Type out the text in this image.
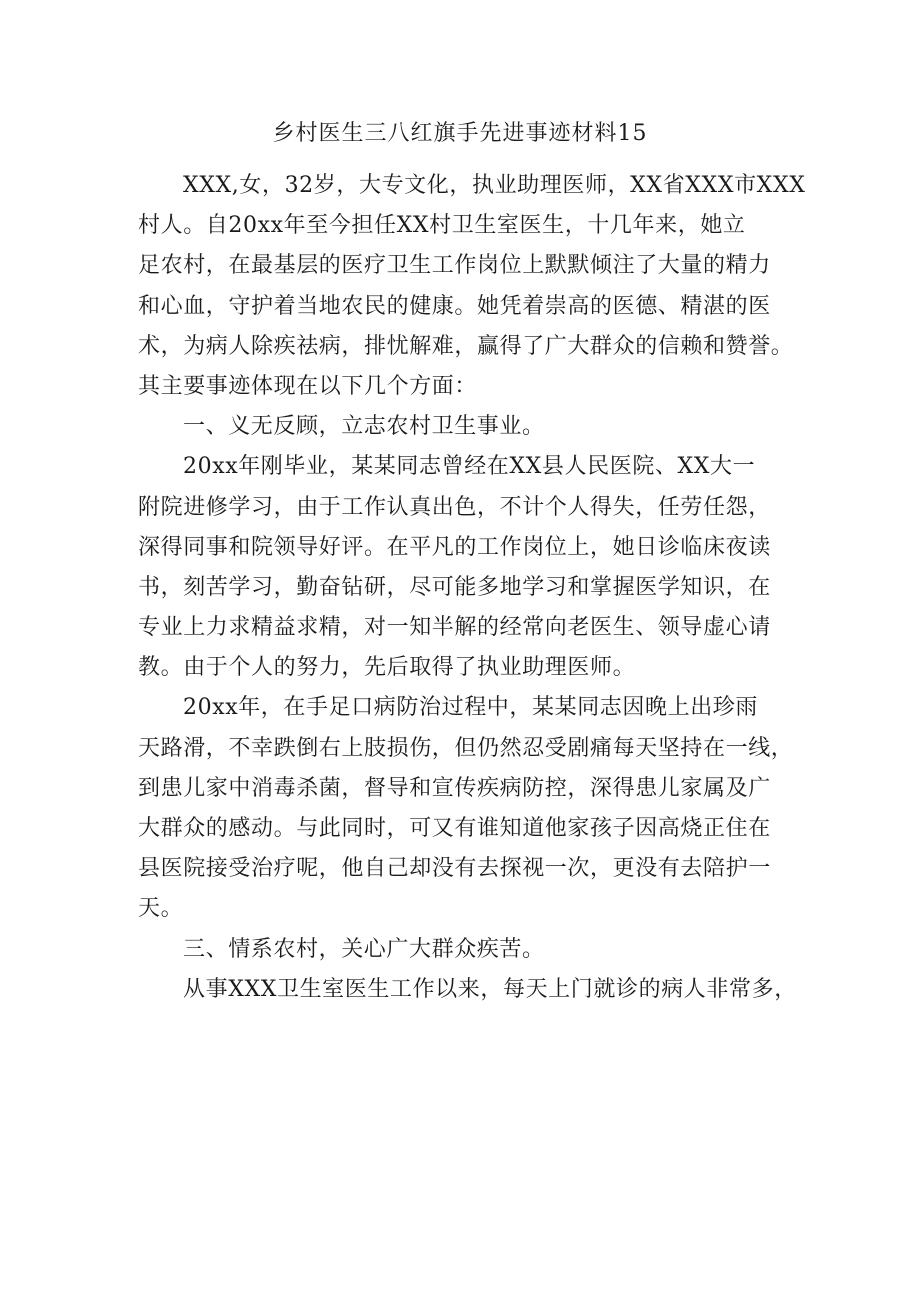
乡村医生三八红旗手先进事迹材料15
XXX,女，32岁，大专文化，执业助理医师，XX省XXX市XXX
村人。自20xx年至今担任XX村卫生室医生，十几年来，她立
足农村，在最基层的医疗卫生工作岗位上默默倾注了大量的精力
和心血，守护着当地农民的健康。她凭着崇高的医德、精湛的医
术，为病人除疾祛病，排忧解难，赢得了广大群众的信赖和赞誉。
其主要事迹体现在以下几个方面：
一、义无反顾，立志农村卫生事业。
20xx年刚毕业，某某同志曾经在XX县人民医院、XX大一
附院进修学习，由于工作认真出色，不计个人得失，任劳任怨，
深得同事和院领导好评。在平凡的工作岗位上，她日诊临床夜读
书，刻苦学习，勤奋钻研，尽可能多地学习和掌握医学知识，在
专业上力求精益求精，对一知半解的经常向老医生、领导虚心请
教。由于个人的努力，先后取得了执业助理医师。
20xx年，在手足口病防治过程中，某某同志因晚上出珍雨
天路滑，不幸跌倒右上肢损伤，但仍然忍受剧痛每天坚持在一线，
到患儿家中消毒杀菌，督导和宣传疾病防控，深得患儿家属及广
大群众的感动。与此同时，可又有谁知道他家孩子因高烧正住在
县医院接受治疗呢，他自己却没有去探视一次，更没有去陪护一
天。
三、情系农村，关心广大群众疾苦。
从事XXX卫生室医生工作以来，每天上门就诊的病人非常多，
